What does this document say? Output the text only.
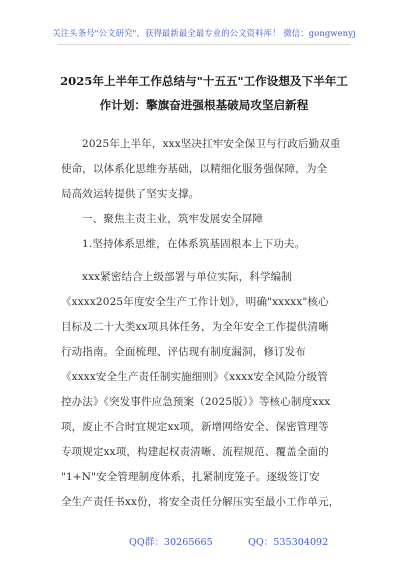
关注头条号"公文研究"，获得最新最全最专业的公文资料库！ 微信：gongwenyj
2025年上半年工作总结与"十五五"工作设想及下半年工
作计划：擎旗奋进强根基破局攻坚启新程
2025年上半年，xxx坚决扛牢安全保卫与行政后勤双重
使命，以体系化思维夯基础，以精细化服务强保障，为全
局高效运转提供了坚实支撑。
一、聚焦主责主业，筑牢发展安全屏障
1.坚持体系思维，在体系筑基固根本上下功夫。
xxx紧密结合上级部署与单位实际，科学编制
《xxxx2025年度安全生产工作计划》，明确"xxxxx"核心
目标及二十大类xx项具体任务，为全年安全工作提供清晰
行动指南。全面梳理、评估现有制度漏洞，修订发布
《xxxx安全生产责任制实施细则》《xxxx安全风险分级管
控办法》《突发事件应急预案（2025版）》等核心制度xxx
项，废止不合时宜规定xx项，新增网络安全、保密管理等
专项规定xx项，构建起权责清晰、流程规范、覆盖全面的
"1+N"安全管理制度体系，扎紧制度笼子。逐级签订安
全生产责任书xx份，将安全责任分解压实至最小工作单元，
QQ群：30265665	QQ：535304092
